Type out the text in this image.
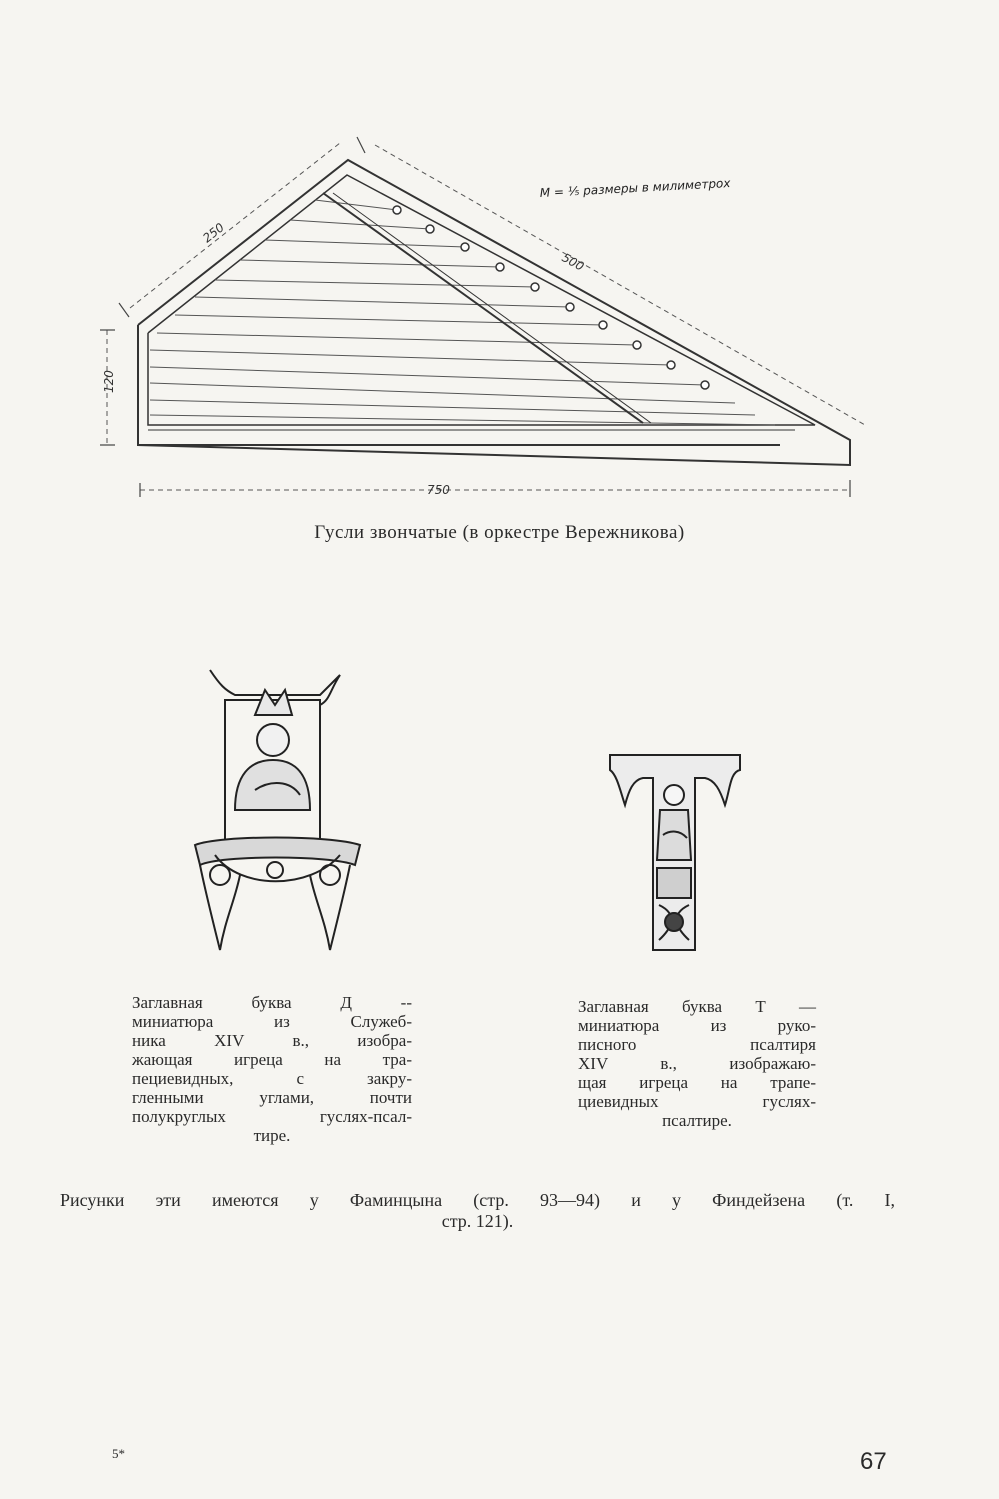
250
500
120
750
M = ⅟₅ размеры в милиметрох
Гусли звончатые (в оркестре Вережникова)
Заглавная буква Д --
миниатюра из Служеб-
ника XIV в., изобра-
жающая игреца на тра-
пециевидных, с закру-
гленными углами, почти
полукруглых гуслях-псал-
тире.
Заглавная буква Т —
миниатюра из руко-
писного псалтиря
XIV в., изображаю-
щая игреца на трапе-
циевидных гуслях-
псалтире.
Рисунки эти имеются у Фаминцына (стр. 93—94) и у Финдейзена (т. I,
стр. 121).
5*	67
